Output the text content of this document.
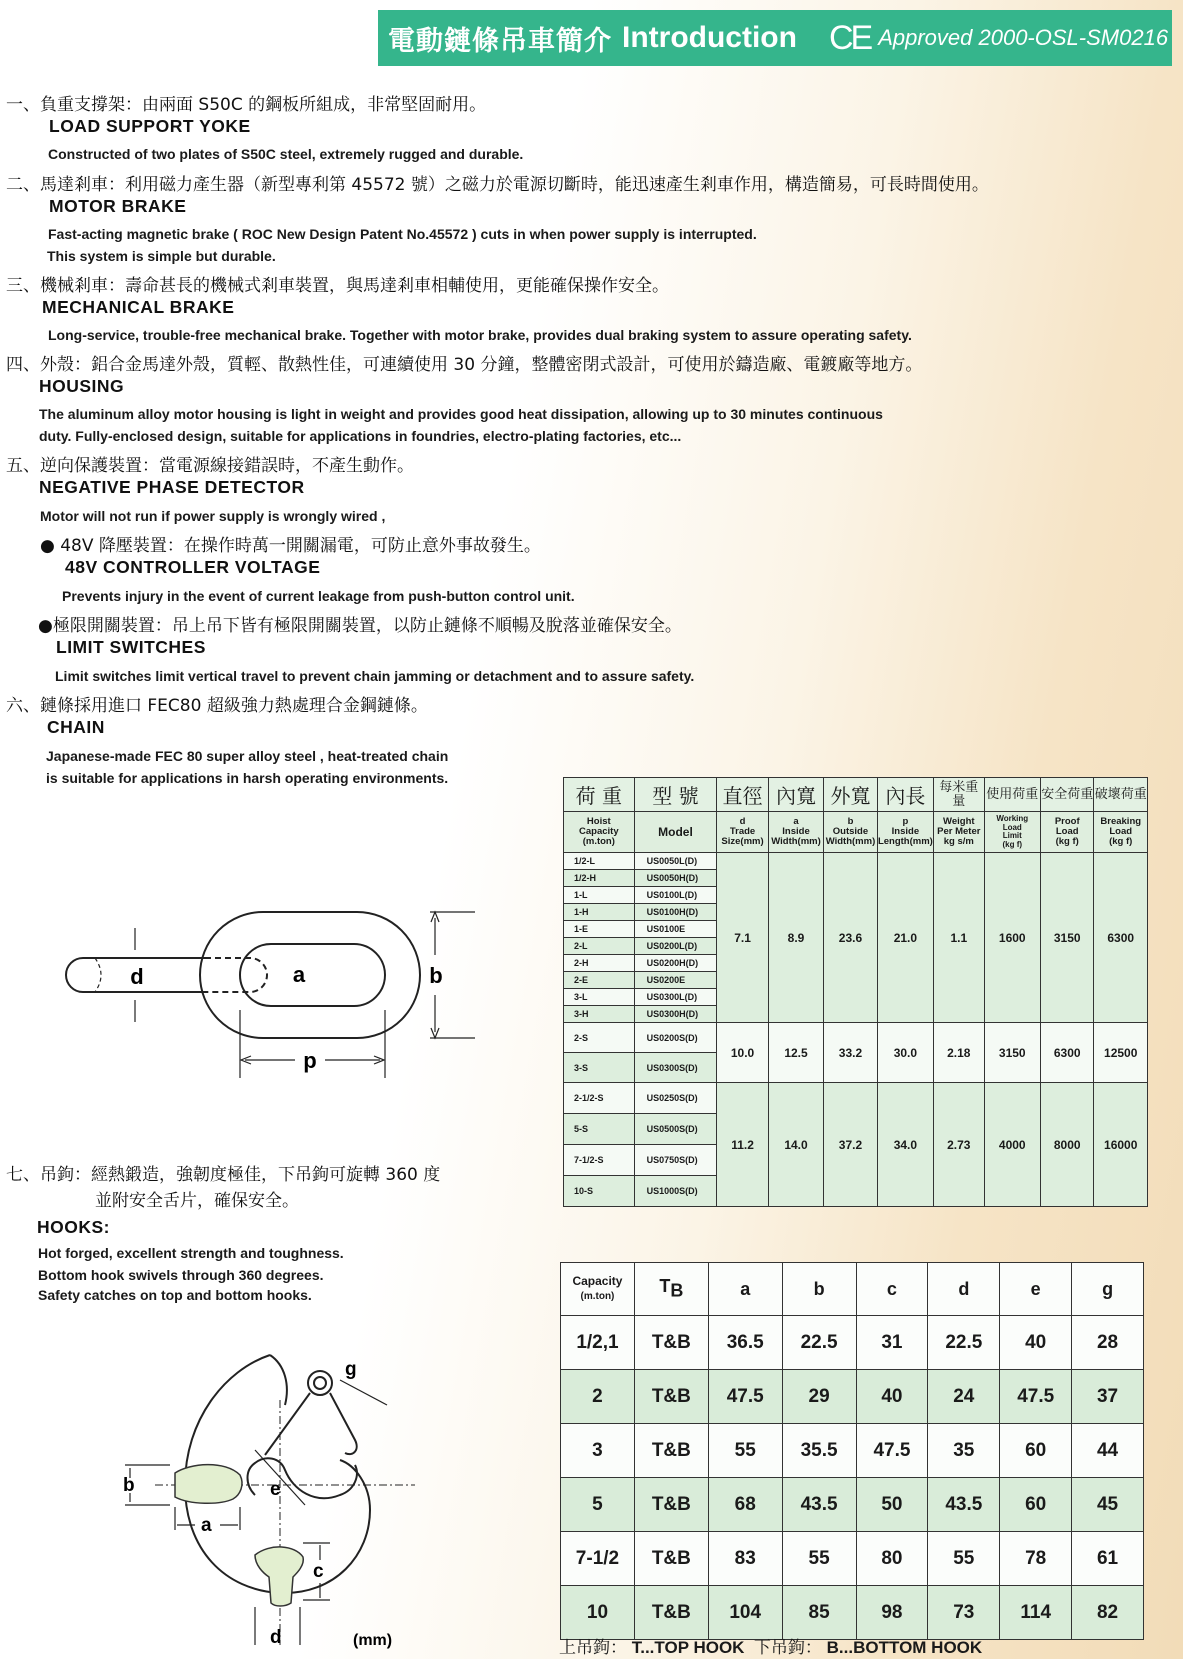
電動鏈條吊車簡介 Introduction CE Approved 2000-OSL-SM0216
一、負重支撐架：由兩面 S50C 的鋼板所組成，非常堅固耐用。
LOAD SUPPORT YOKE
Constructed of two plates of S50C steel, extremely rugged and durable.
二、馬達剎車：利用磁力產生器（新型專利第 45572 號）之磁力於電源切斷時，能迅速產生剎車作用，構造簡易，可長時間使用。
MOTOR BRAKE
Fast-acting magnetic brake ( ROC New Design Patent No.45572 ) cuts in when power supply is interrupted.
This system is simple but durable.
三、機械剎車：壽命甚長的機械式剎車裝置，與馬達剎車相輔使用，更能確保操作安全。
MECHANICAL BRAKE
Long-service, trouble-free mechanical brake. Together with motor brake, provides dual braking system to assure operating safety.
四、外殼：鋁合金馬達外殼，質輕、散熱性佳，可連續使用 30 分鐘，整體密閉式設計，可使用於鑄造廠、電鍍廠等地方。
HOUSING
The aluminum alloy motor housing is light in weight and provides good heat dissipation, allowing up to 30 minutes continuous
duty. Fully-enclosed design, suitable for applications in foundries, electro-plating factories, etc...
五、逆向保護裝置：當電源線接錯誤時，不產生動作。
NEGATIVE PHASE DETECTOR
Motor will not run if power supply is wrongly wired ,
● 48V 降壓裝置：在操作時萬一開關漏電，可防止意外事故發生。
48V CONTROLLER VOLTAGE
Prevents injury in the event of current leakage from push-button control unit.
●極限開關裝置：吊上吊下皆有極限開關裝置，以防止鏈條不順暢及脫落並確保安全。
LIMIT SWITCHES
Limit switches limit vertical travel to prevent chain jamming or detachment and to assure safety.
六、鏈條採用進口 FEC80 超級強力熱處理合金鋼鏈條。
CHAIN
Japanese-made FEC 80 super alloy steel , heat-treated chain
is suitable for applications in harsh operating environments.
d	a	b
p
七、吊鉤：經熱鍛造，強韌度極佳，下吊鉤可旋轉 360 度
並附安全舌片，確保安全。
HOOKS:
Hot forged, excellent strength and toughness.
Bottom hook swivels through 360 degrees.
Safety catches on top and bottom hooks.
g
e
b
a
c
d	(mm)
荷 重	型 號	直徑	內寬	外寬	內長	每米重量	使用荷重	安全荷重	破壞荷重
Hoist
Capacity
(m.ton)	Model	d
Trade
Size(mm)	a
Inside
Width(mm)	b
Outside
Width(mm)	p
Inside
Length(mm)	Weight
Per Meter
kg s/m	Working
Load
Limit
(kg f)	Proof
Load
(kg f)	Breaking
Load
(kg f)
1/2-L	US0050L(D)	7.1	8.9	23.6	21.0	1.1	1600	3150	6300
1/2-H	US0050H(D)								
1-L	US0100L(D)								
1-H	US0100H(D)								
1-E	US0100E								
2-L	US0200L(D)								
2-H	US0200H(D)								
2-E	US0200E								
3-L	US0300L(D)								
3-H	US0300H(D)								
2-S	US0200S(D)	10.0	12.5	33.2	30.0	2.18	3150	6300	12500
3-S	US0300S(D)								
2-1/2-S	US0250S(D)	11.2	14.0	37.2	34.0	2.73	4000	8000	16000
5-S	US0500S(D)								
7-1/2-S	US0750S(D)								
10-S	US1000S(D)								
Capacity
(m.ton)	$T_B$	a	b	c	d	e	g
1/2,1	T&B	36.5	22.5	31	22.5	40	28
2	T&B	47.5	29	40	24	47.5	37
3	T&B	55	35.5	47.5	35	60	44
5	T&B	68	43.5	50	43.5	60	45
7-1/2	T&B	83	55	80	55	78	61
10	T&B	104	85	98	73	114	82
上吊鉤： T...TOP HOOK 下吊鉤： B...BOTTOM HOOK
